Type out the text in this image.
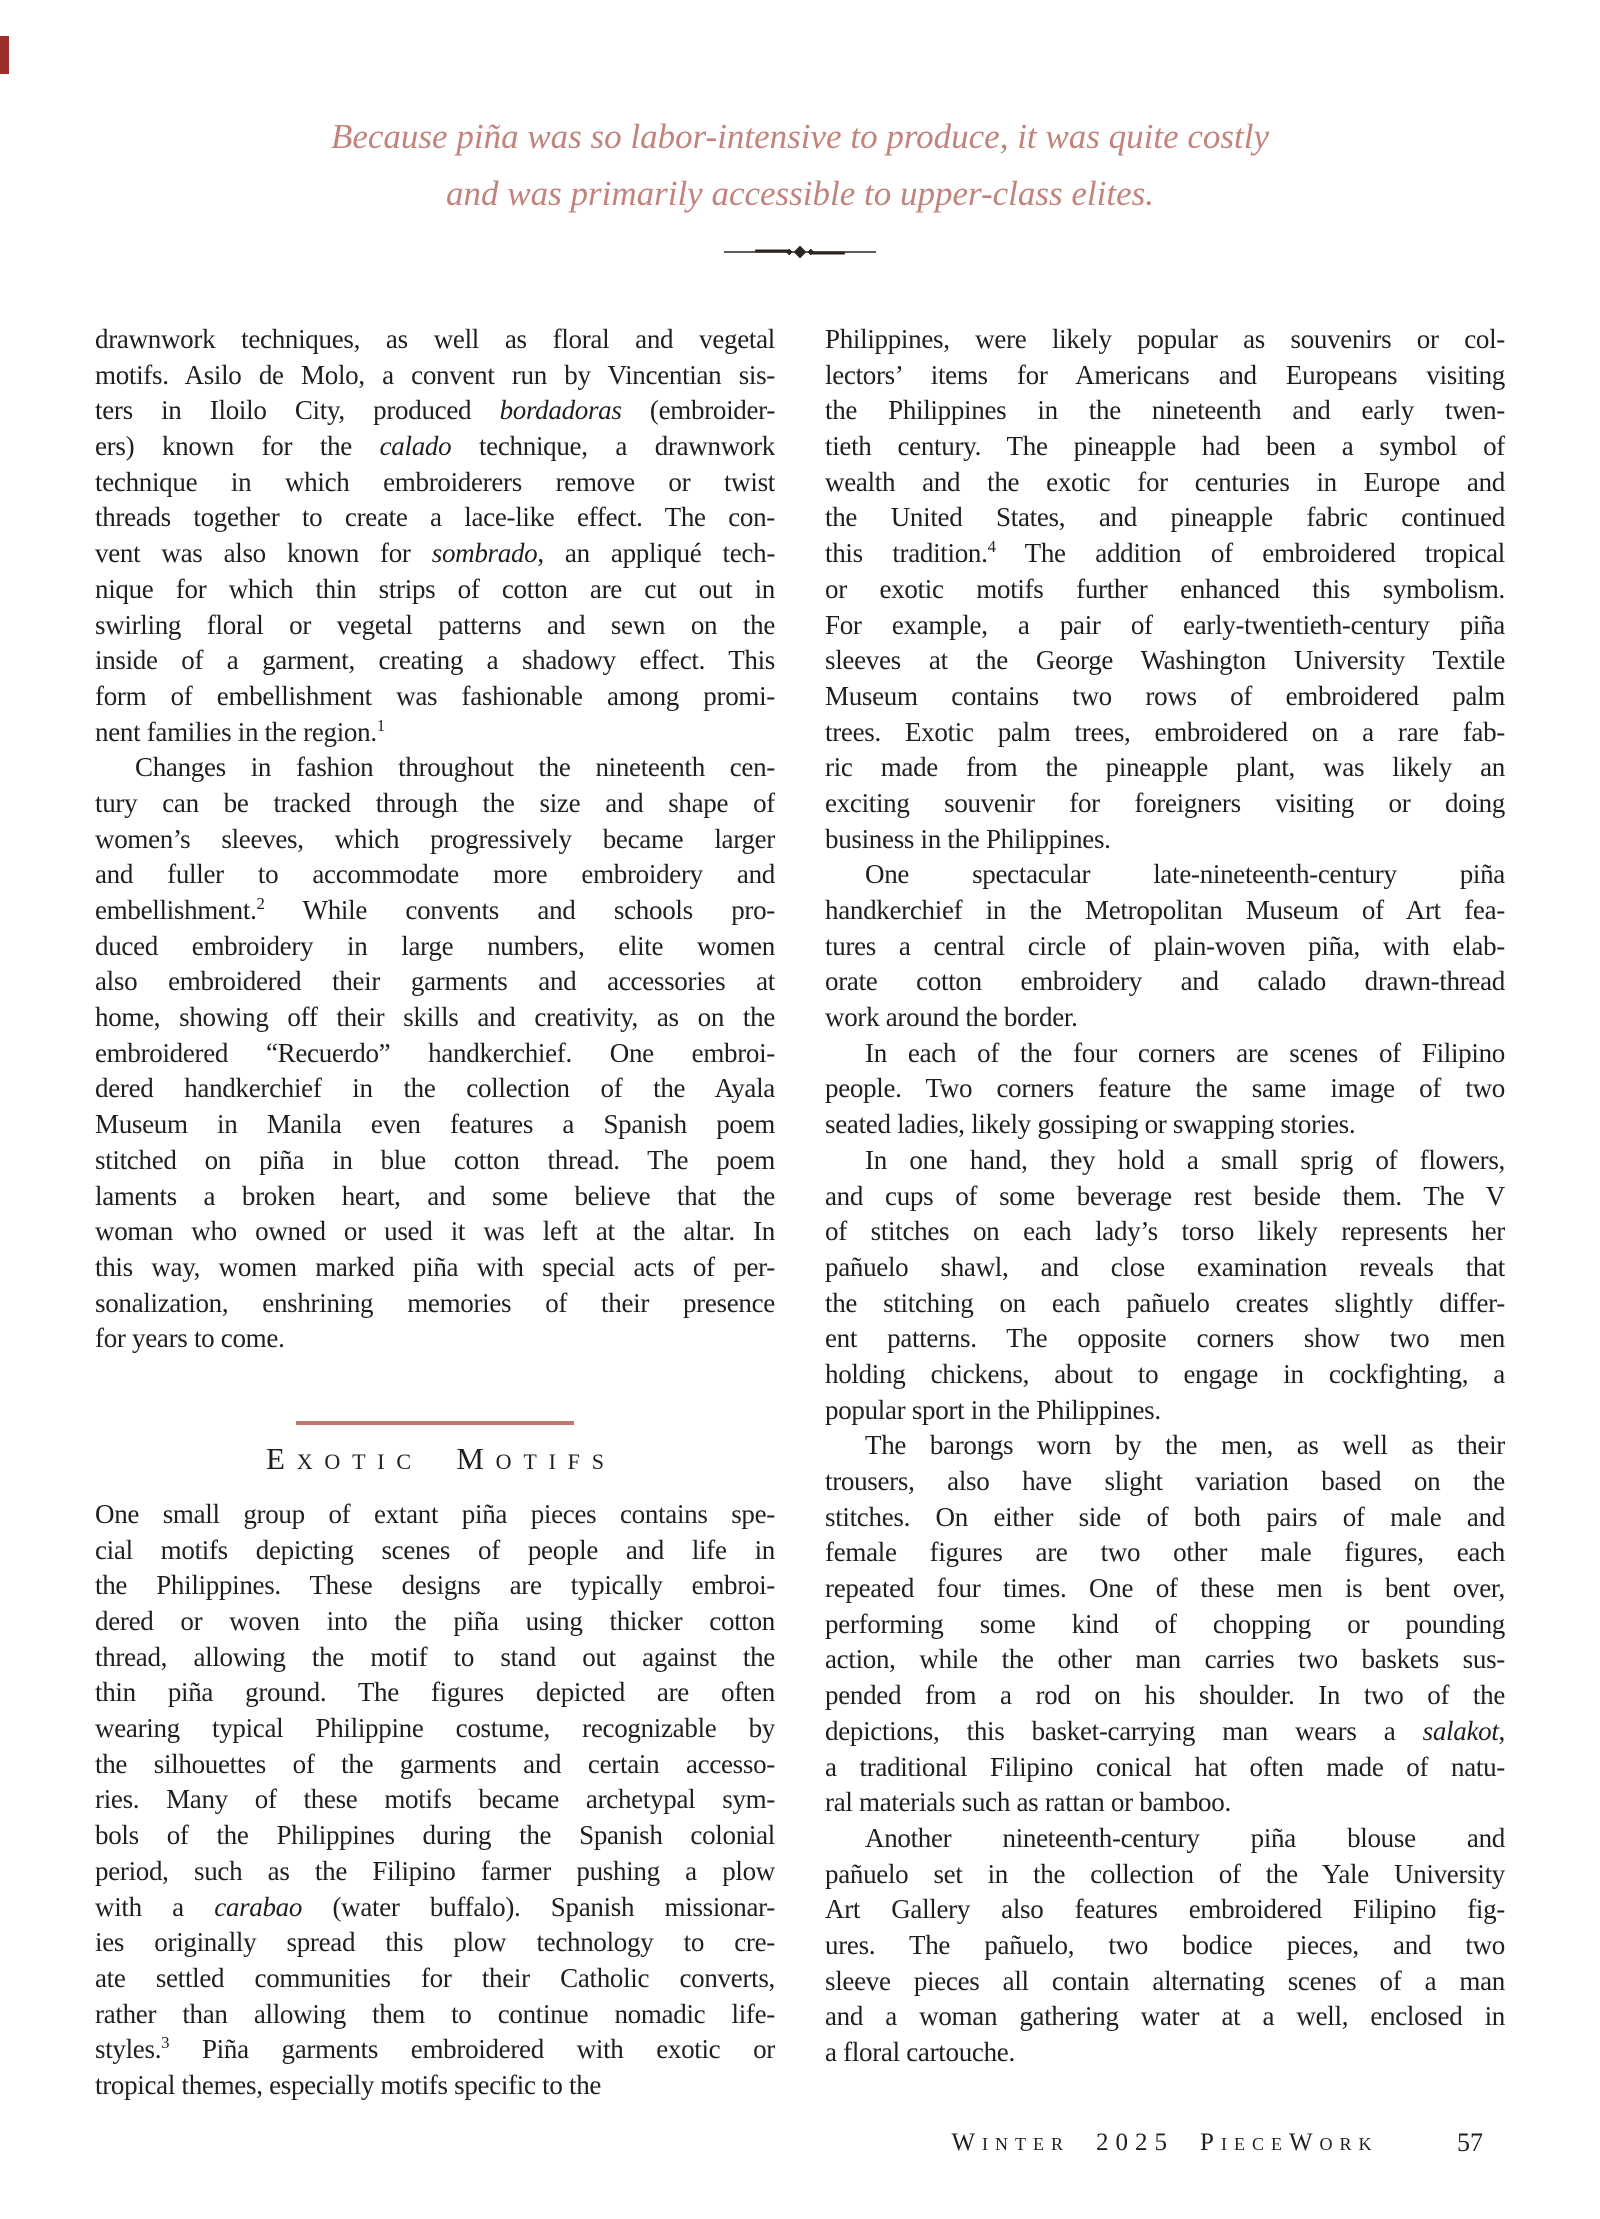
Because piña was so labor-intensive to produce, it was quite costly
and was primarily accessible to upper-class elites.
drawnwork techniques, as well as floral and vegetal
motifs. Asilo de Molo, a convent run by Vincentian sis-
ters in Iloilo City, produced bordadoras (embroider-
ers) known for the calado technique, a drawnwork
technique in which embroiderers remove or twist
threads together to create a lace-like effect. The con-
vent was also known for sombrado, an appliqué tech-
nique for which thin strips of cotton are cut out in
swirling floral or vegetal patterns and sewn on the
inside of a garment, creating a shadowy effect. This
form of embellishment was fashionable among promi-
nent families in the region.$^1$
Changes in fashion throughout the nineteenth cen-
tury can be tracked through the size and shape of
women’s sleeves, which progressively became larger
and fuller to accommodate more embroidery and
embellishment.$^2$ While convents and schools pro-
duced embroidery in large numbers, elite women
also embroidered their garments and accessories at
home, showing off their skills and creativity, as on the
embroidered “Recuerdo” handkerchief. One embroi-
dered handkerchief in the collection of the Ayala
Museum in Manila even features a Spanish poem
stitched on piña in blue cotton thread. The poem
laments a broken heart, and some believe that the
woman who owned or used it was left at the altar. In
this way, women marked piña with special acts of per-
sonalization, enshrining memories of their presence
for years to come.
Exotic Motifs
One small group of extant piña pieces contains spe-
cial motifs depicting scenes of people and life in
the Philippines. These designs are typically embroi-
dered or woven into the piña using thicker cotton
thread, allowing the motif to stand out against the
thin piña ground. The figures depicted are often
wearing typical Philippine costume, recognizable by
the silhouettes of the garments and certain accesso-
ries. Many of these motifs became archetypal sym-
bols of the Philippines during the Spanish colonial
period, such as the Filipino farmer pushing a plow
with a carabao (water buffalo). Spanish missionar-
ies originally spread this plow technology to cre-
ate settled communities for their Catholic converts,
rather than allowing them to continue nomadic life-
styles.$^3$ Piña garments embroidered with exotic or
tropical themes, especially motifs specific to the
Philippines, were likely popular as souvenirs or col-
lectors’ items for Americans and Europeans visiting
the Philippines in the nineteenth and early twen-
tieth century. The pineapple had been a symbol of
wealth and the exotic for centuries in Europe and
the United States, and pineapple fabric continued
this tradition.$^4$ The addition of embroidered tropical
or exotic motifs further enhanced this symbolism.
For example, a pair of early-twentieth-century piña
sleeves at the George Washington University Textile
Museum contains two rows of embroidered palm
trees. Exotic palm trees, embroidered on a rare fab-
ric made from the pineapple plant, was likely an
exciting souvenir for foreigners visiting or doing
business in the Philippines.
One spectacular late-nineteenth-century piña
handkerchief in the Metropolitan Museum of Art fea-
tures a central circle of plain-woven piña, with elab-
orate cotton embroidery and calado drawn-thread
work around the border.
In each of the four corners are scenes of Filipino
people. Two corners feature the same image of two
seated ladies, likely gossiping or swapping stories.
In one hand, they hold a small sprig of flowers,
and cups of some beverage rest beside them. The V
of stitches on each lady’s torso likely represents her
pañuelo shawl, and close examination reveals that
the stitching on each pañuelo creates slightly differ-
ent patterns. The opposite corners show two men
holding chickens, about to engage in cockfighting, a
popular sport in the Philippines.
The barongs worn by the men, as well as their
trousers, also have slight variation based on the
stitches. On either side of both pairs of male and
female figures are two other male figures, each
repeated four times. One of these men is bent over,
performing some kind of chopping or pounding
action, while the other man carries two baskets sus-
pended from a rod on his shoulder. In two of the
depictions, this basket-carrying man wears a salakot,
a traditional Filipino conical hat often made of natu-
ral materials such as rattan or bamboo.
Another nineteenth-century piña blouse and
pañuelo set in the collection of the Yale University
Art Gallery also features embroidered Filipino fig-
ures. The pañuelo, two bodice pieces, and two
sleeve pieces all contain alternating scenes of a man
and a woman gathering water at a well, enclosed in
a floral cartouche.
Winter 2025 PieceWork	57
